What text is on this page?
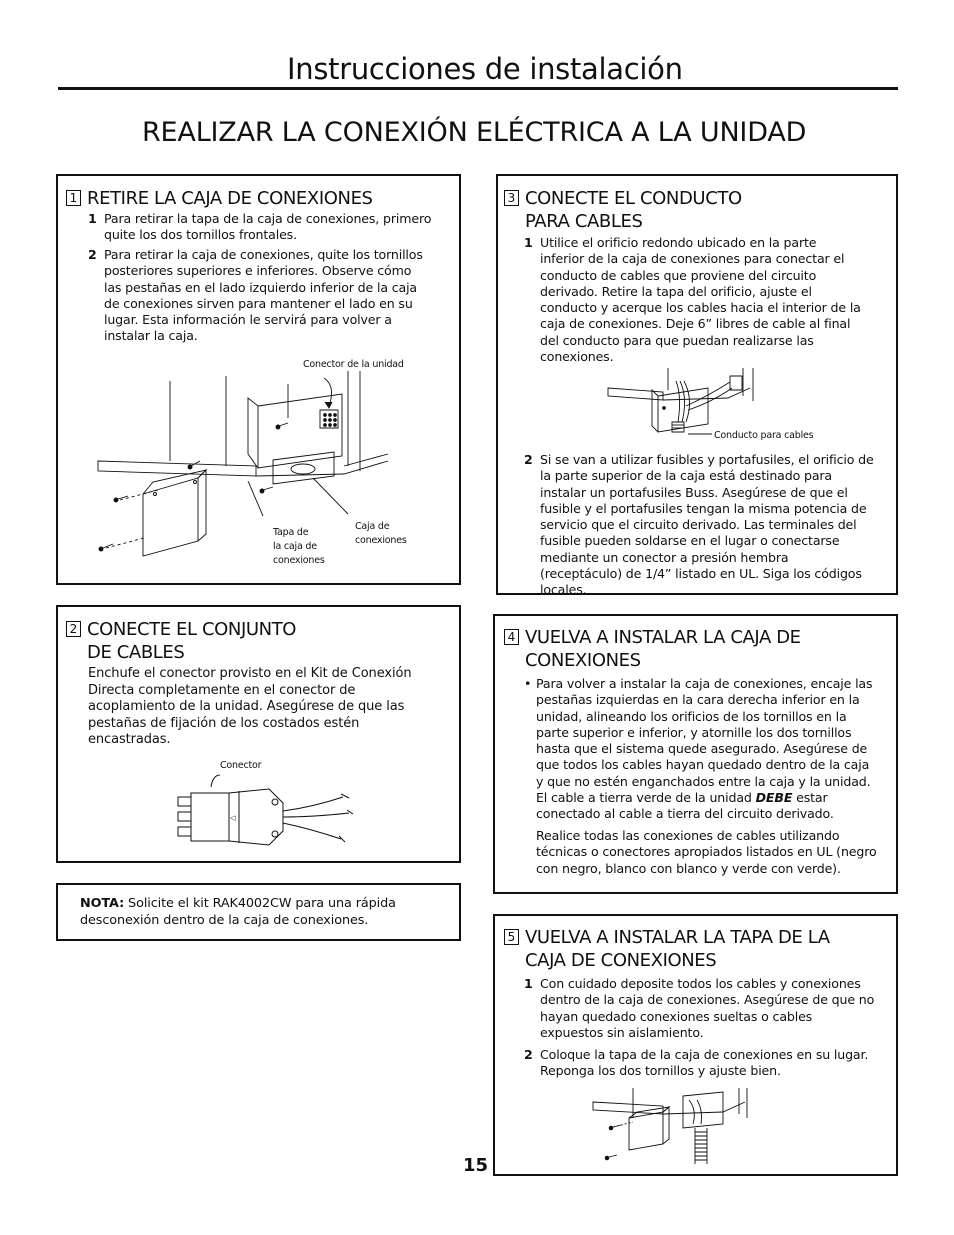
Instrucciones de instalación
REALIZAR LA CONEXIÓN ELÉCTRICA A LA UNIDAD
1 RETIRE LA CAJA DE CONEXIONES
1 Para retirar la tapa de la caja de conexiones, primero quite los dos tornillos frontales.
2 Para retirar la caja de conexiones, quite los tornillos posteriores superiores e inferiores. Observe cómo las pestañas en el lado izquierdo inferior de la caja de conexiones sirven para mantener el lado en su lugar. Esta información le servirá para volver a instalar la caja.
Conector de la unidad
Tapa de
la caja de
conexiones
Caja de
conexiones
2 CONECTE EL CONJUNTO
DE CABLES
Enchufe el conector provisto en el Kit de Conexión Directa completamente en el conector de acoplamiento de la unidad. Asegúrese de que las pestañas de fijación de los costados estén encastradas.
Conector
◁
NOTA: Solicite el kit RAK4002CW para una rápida desconexión dentro de la caja de conexiones.
3 CONECTE EL CONDUCTO
PARA CABLES
1 Utilice el orificio redondo ubicado en la parte inferior de la caja de conexiones para conectar el conducto de cables que proviene del circuito derivado. Retire la tapa del orificio, ajuste el conducto y acerque los cables hacia el interior de la caja de conexiones. Deje 6” libres de cable al final del conducto para que puedan realizarse las conexiones.
Conducto para cables
2 Si se van a utilizar fusibles y portafusiles, el orificio de la parte superior de la caja está destinado para instalar un portafusiles Buss. Asegúrese de que el fusible y el portafusiles tengan la misma potencia de servicio que el circuito derivado. Las terminales del fusible pueden soldarse en el lugar o conectarse mediante un conector a presión hembra (receptáculo) de 1/4” listado en UL. Siga los códigos locales.
4 VUELVA A INSTALAR LA CAJA DE
CONEXIONES
• Para volver a instalar la caja de conexiones, encaje las pestañas izquierdas en la cara derecha inferior en la unidad, alineando los orificios de los tornillos en la parte superior e inferior, y atornille los dos tornillos hasta que el sistema quede asegurado. Asegúrese de que todos los cables hayan quedado dentro de la caja y que no estén enganchados entre la caja y la unidad. El cable a tierra verde de la unidad DEBE estar conectado al cable a tierra del circuito derivado.
Realice todas las conexiones de cables utilizando técnicas o conectores apropiados listados en UL (negro con negro, blanco con blanco y verde con verde).
5 VUELVA A INSTALAR LA TAPA DE LA
CAJA DE CONEXIONES
1 Con cuidado deposite todos los cables y conexiones dentro de la caja de conexiones. Asegúrese de que no hayan quedado conexiones sueltas o cables expuestos sin aislamiento.
2 Coloque la tapa de la caja de conexiones en su lugar. Reponga los dos tornillos y ajuste bien.
15
